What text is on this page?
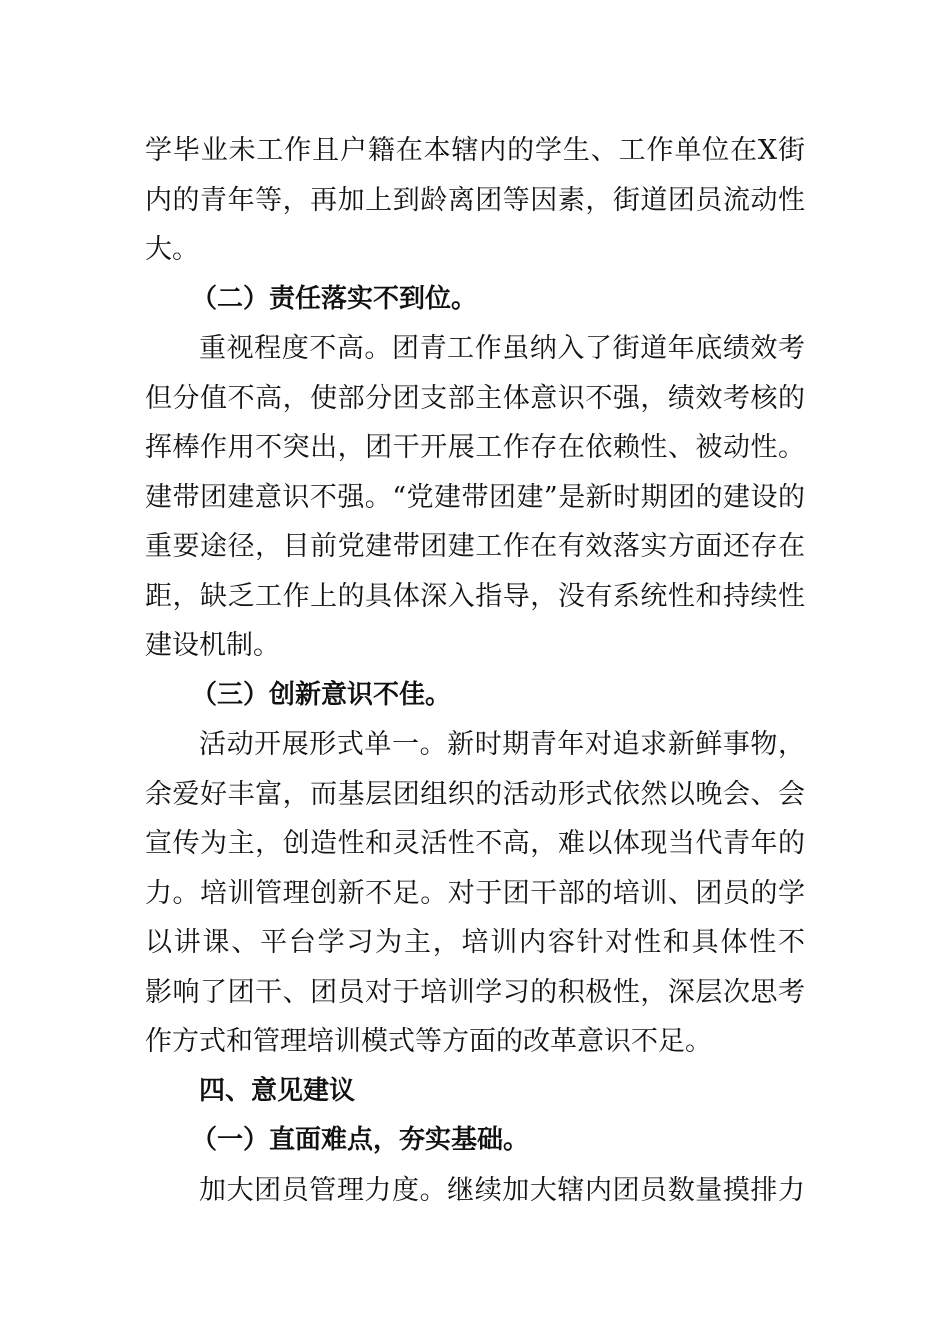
学毕业未工作且户籍在本辖内的学生、工作单位在X街
内的青年等，再加上到龄离团等因素，街道团员流动性
大。
（二）责任落实不到位。
重视程度不高。团青工作虽纳入了街道年底绩效考
但分值不高，使部分团支部主体意识不强，绩效考核的
挥棒作用不突出，团干开展工作存在依赖性、被动性。
建带团建意识不强。“党建带团建”是新时期团的建设的
重要途径，目前党建带团建工作在有效落实方面还存在
距，缺乏工作上的具体深入指导，没有系统性和持续性
建设机制。
（三）创新意识不佳。
活动开展形式单一。新时期青年对追求新鲜事物，
余爱好丰富，而基层团组织的活动形式依然以晚会、会
宣传为主，创造性和灵活性不高，难以体现当代青年的
力。培训管理创新不足。对于团干部的培训、团员的学
以讲课、平台学习为主，培训内容针对性和具体性不
影响了团干、团员对于培训学习的积极性，深层次思考
作方式和管理培训模式等方面的改革意识不足。
四、意见建议
（一）直面难点，夯实基础。
加大团员管理力度。继续加大辖内团员数量摸排力
